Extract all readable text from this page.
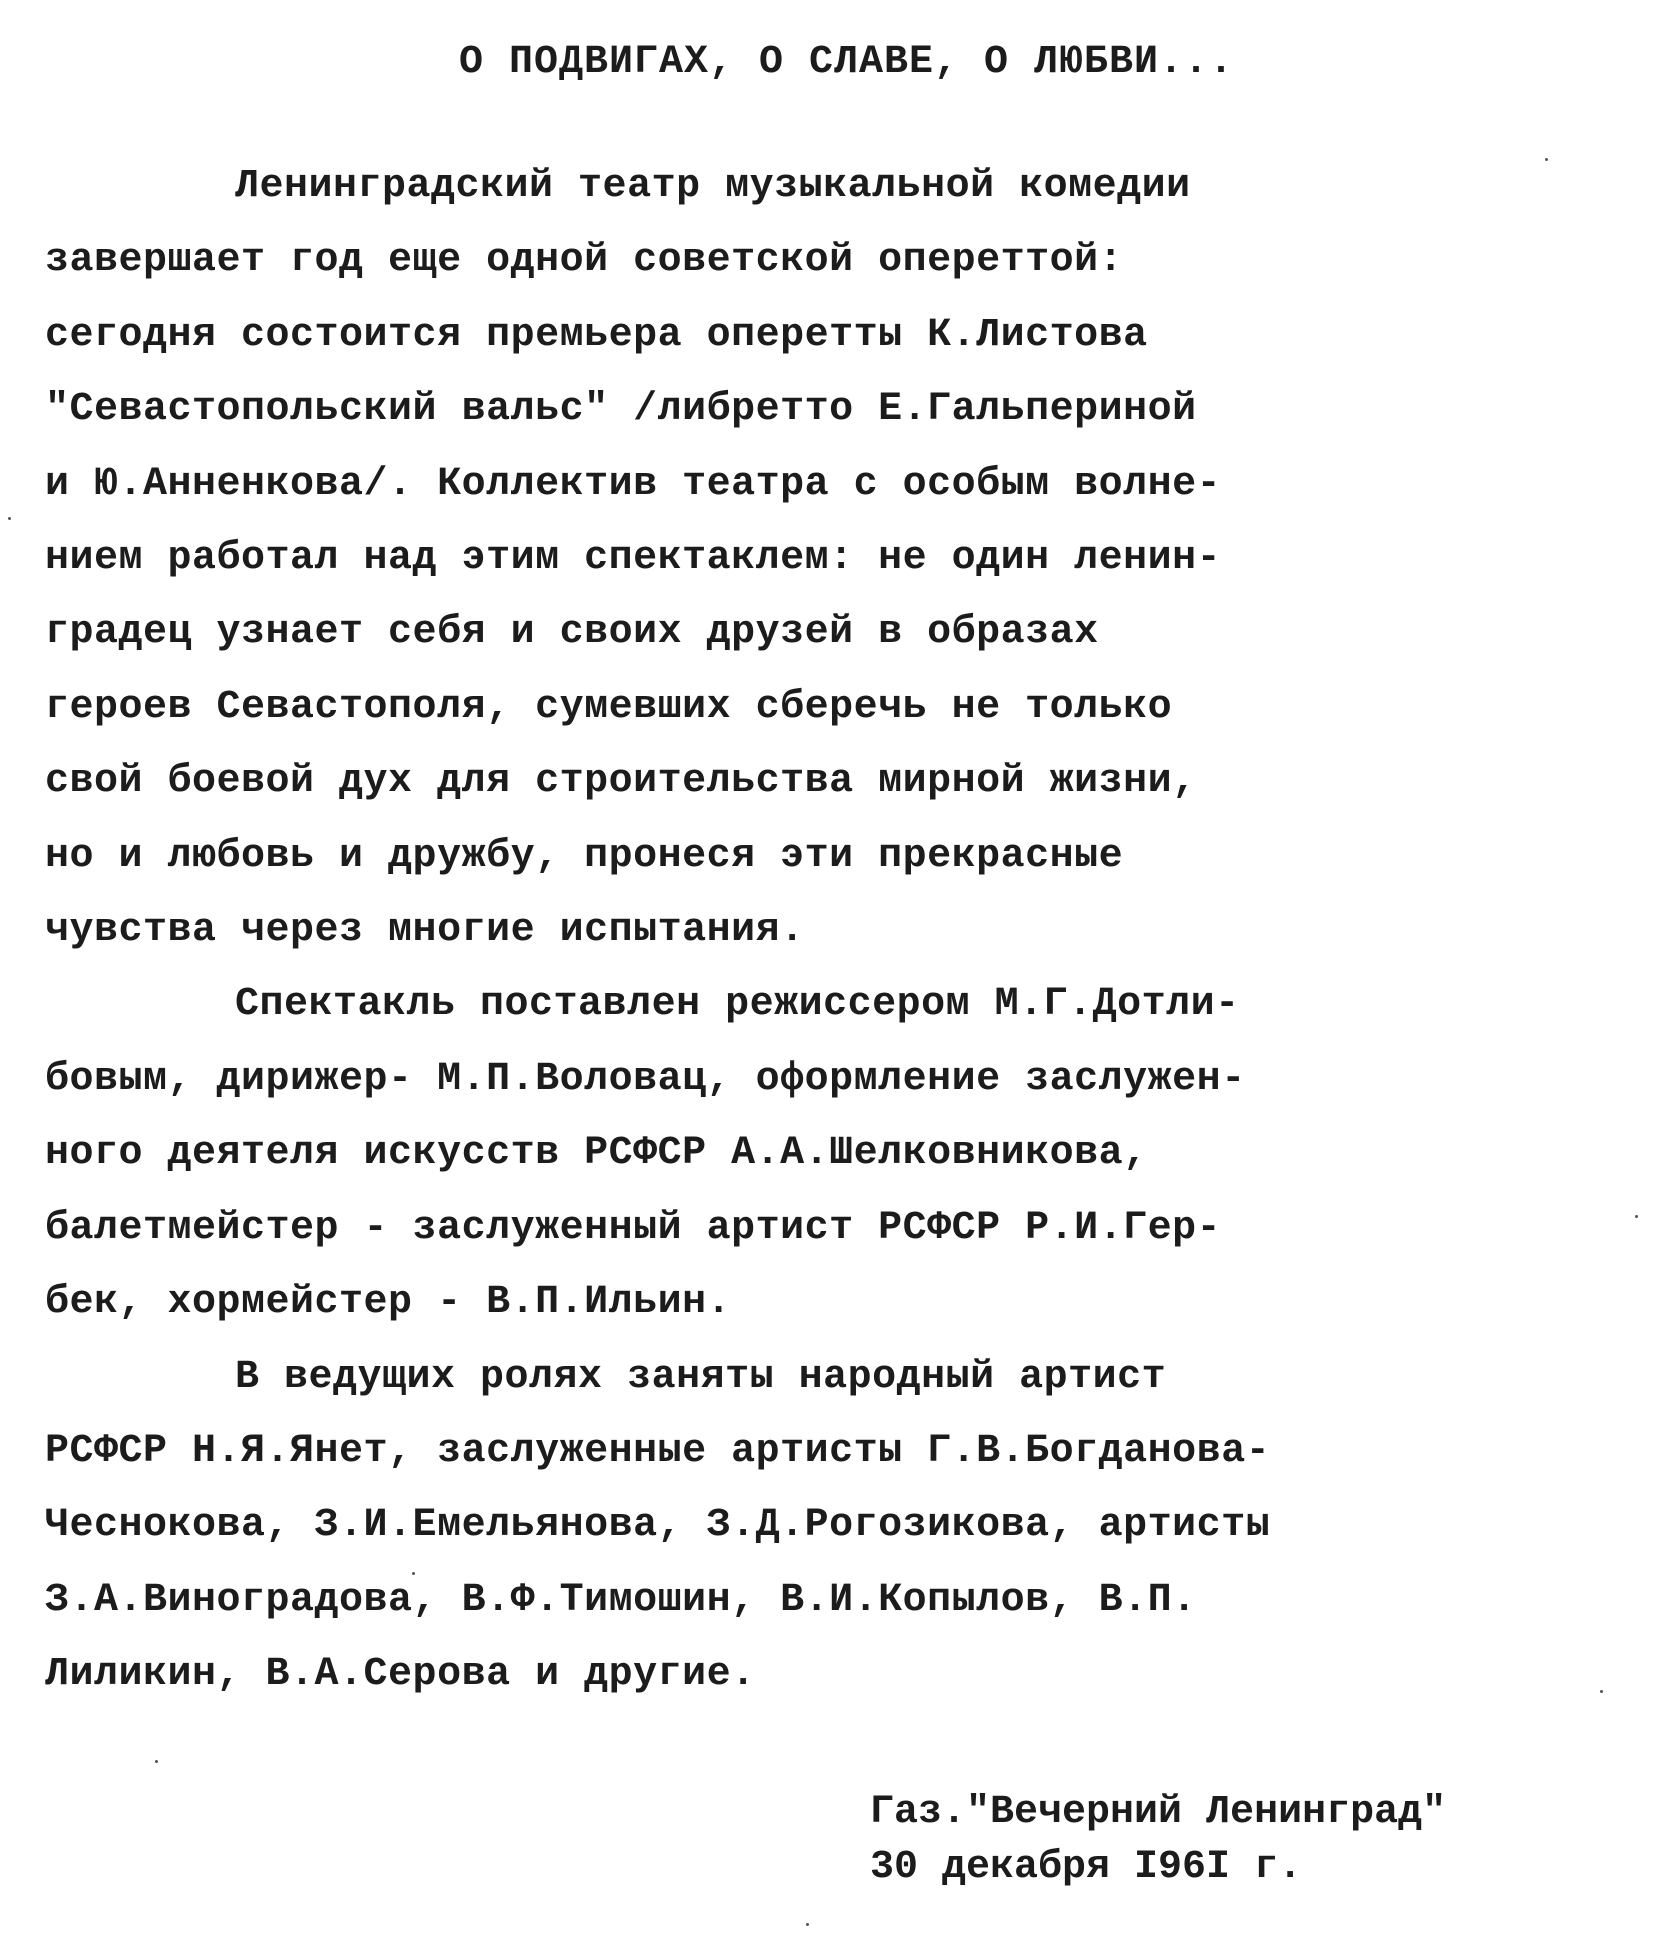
О ПОДВИГАХ, О СЛАВЕ, О ЛЮБВИ...
Ленинградский театр музыкальной комедии
завершает год еще одной советской опереттой:
сегодня состоится премьера оперетты К.Листова
"Севастопольский вальс" /либретто Е.Гальпериной
и Ю.Анненкова/. Коллектив театра с особым волне-
нием работал над этим спектаклем: не один ленин-
градец узнает себя и своих друзей в образах
героев Севастополя, сумевших сберечь не только
свой боевой дух для строительства мирной жизни,
но и любовь и дружбу, пронеся эти прекрасные
чувства через многие испытания.
Спектакль поставлен режиссером М.Г.Дотли-
бовым, дирижер- М.П.Воловац, оформление заслужен-
ного деятеля искусств РСФСР А.А.Шелковникова,
балетмейстер - заслуженный артист РСФСР Р.И.Гер-
бек, хормейстер - В.П.Ильин.
В ведущих ролях заняты народный артист
РСФСР Н.Я.Янет, заслуженные артисты Г.В.Богданова-
Чеснокова, З.И.Емельянова, З.Д.Рогозикова, артисты
З.А.Виноградова, В.Ф.Тимошин, В.И.Копылов, В.П.
Лиликин, В.А.Серова и другие.
Газ."Вечерний Ленинград"
30 декабря I96I г.
